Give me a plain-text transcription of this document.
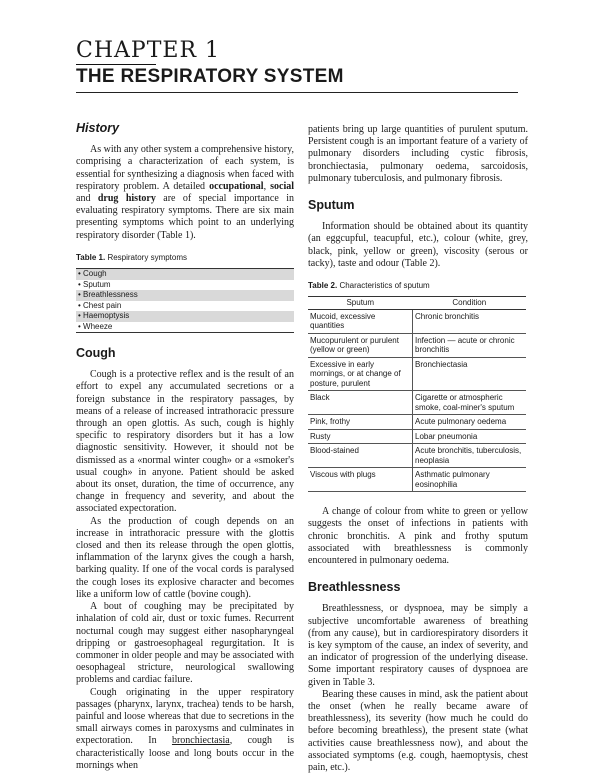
CHAPTER 1
THE RESPIRATORY SYSTEM
History

As with any other system a comprehensive history, comprising a characterization of each system, is essential for synthesizing a diagnosis when faced with respiratory problem. A detailed occupational, social and drug history are of special importance in evaluating respiratory symptoms. There are six main presenting symptoms which point to an underlying respiratory disorder (Table 1).

Table 1. Respiratory symptoms
• Cough
• Sputum
• Breathlessness
• Chest pain
• Haemoptysis
• Wheeze
Cough

Cough is a protective reflex and is the result of an effort to expel any accumulated secretions or a foreign substance in the respiratory passages, by means of a release of increased intrathoracic pressure through an open glottis. As such, cough is highly specific to respiratory disorders but it has a low diagnostic sensitivity. However, it should not be dismissed as a «normal winter cough» or a «smoker's usual cough» in anyone. Patient should be asked about its onset, duration, the time of occurrence, any change in frequency and severity, and about the associated expectoration.

As the production of cough depends on an increase in intrathoracic pressure with the glottis closed and then its release through the open glottis, inflammation of the larynx gives the cough a harsh, barking quality. If one of the vocal cords is paralysed the cough loses its explosive character and becomes like a uniform low of cattle (bovine cough).

A bout of coughing may be precipitated by inhalation of cold air, dust or toxic fumes. Recurrent nocturnal cough may suggest either nasopharyngeal dripping or gastroesophageal regurgitation. It is commoner in older people and may be associated with oesophageal stricture, neurological swallowing problems and cardiac failure.

Cough originating in the upper respiratory passages (pharynx, larynx, trachea) tends to be harsh, painful and loose whereas that due to secretions in the small airways comes in paroxysms and culminates in expectoration. In bronchiectasia, cough is characteristically loose and long bouts occur in the mornings when

patients bring up large quantities of purulent sputum. Persistent cough is an important feature of a variety of pulmonary disorders including cystic fibrosis, bronchiectasia, pulmonary oedema, sarcoidosis, pulmonary tuberculosis, and pulmonary fibrosis.

Sputum

Information should be obtained about its quantity (an eggcupful, teacupful, etc.), colour (white, grey, black, pink, yellow or green), viscosity (serous or tacky), taste and odour (Table 2).

Table 2. Characteristics of sputum
Sputum	Condition
Mucoid, excessive quantities	Chronic bronchitis
Mucopurulent or purulent (yellow or green)	Infection — acute or chronic bronchitis
Excessive in early mornings, or at change of posture, purulent	Bronchiectasia
Black	Cigarette or atmospheric smoke, coal-miner's sputum
Pink, frothy	Acute pulmonary oedema
Rusty	Lobar pneumonia
Blood-stained	Acute bronchitis, tuberculosis, neoplasia
Viscous with plugs	Asthmatic pulmonary eosinophilia

A change of colour from white to green or yellow suggests the onset of infections in patients with chronic bronchitis. A pink and frothy sputum associated with breathlessness is commonly encountered in pulmonary oedema.

Breathlessness

Breathlessness, or dyspnoea, may be simply a subjective uncomfortable awareness of breathing (from any cause), but in cardiorespiratory disorders it is key symptom of the cause, an index of severity, and an indicator of progression of the underlying disease. Some important respiratory causes of dyspnoea are given in Table 3.

Bearing these causes in mind, ask the patient about the onset (when he really became aware of breathlessness), its severity (how much he could do before becoming breathless), the present state (what activities cause breathlessness now), and about the associated symptoms (e.g. cough, haemoptysis, chest pain, etc.).
